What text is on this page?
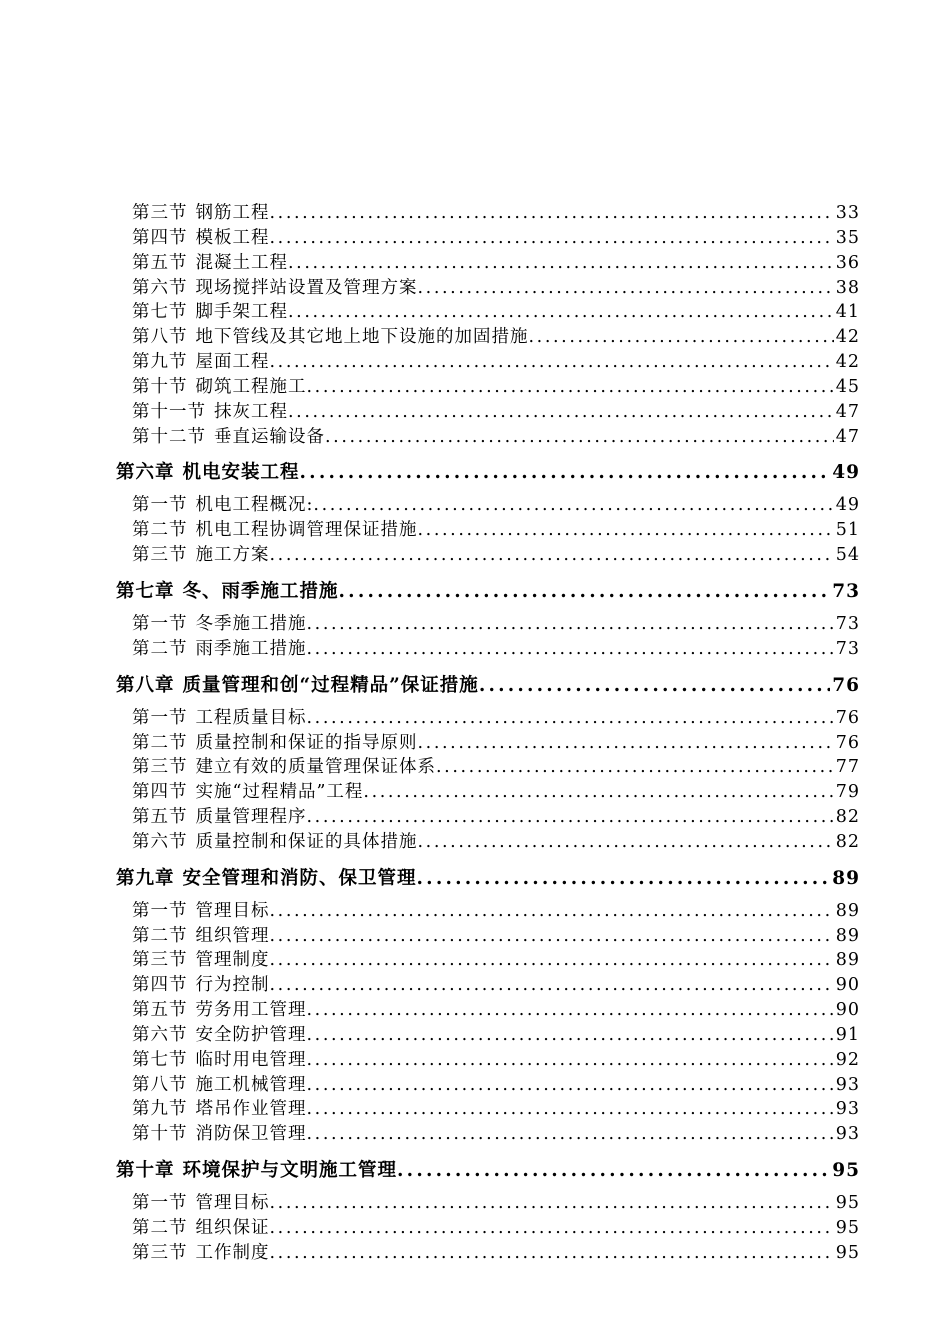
第三节 钢筋工程 .....	33
第四节 模板工程 .....	35
第五节 混凝土工程 .....	36
第六节 现场搅拌站设置及管理方案 .....	38
第七节 脚手架工程 .....	41
第八节 地下管线及其它地上地下设施的加固措施 .....	42
第九节 屋面工程 .....	42
第十节 砌筑工程施工 .....	45
第十一节 抹灰工程 .....	47
第十二节 垂直运输设备 .....	47
第六章 机电安装工程 .....	49
第一节 机电工程概况: .....	49
第二节 机电工程协调管理保证措施 .....	51
第三节 施工方案 .....	54
第七章 冬、雨季施工措施 .....	73
第一节 冬季施工措施 .....	73
第二节 雨季施工措施 .....	73
第八章 质量管理和创“过程精品”保证措施 .....	76
第一节 工程质量目标 .....	76
第二节 质量控制和保证的指导原则 .....	76
第三节 建立有效的质量管理保证体系 .....	77
第四节 实施“过程精品”工程 .....	79
第五节 质量管理程序 .....	82
第六节 质量控制和保证的具体措施 .....	82
第九章 安全管理和消防、保卫管理 .....	89
第一节 管理目标 .....	89
第二节 组织管理 .....	89
第三节 管理制度 .....	89
第四节 行为控制 .....	90
第五节 劳务用工管理 .....	90
第六节 安全防护管理 .....	91
第七节 临时用电管理 .....	92
第八节 施工机械管理 .....	93
第九节 塔吊作业管理 .....	93
第十节 消防保卫管理 .....	93
第十章 环境保护与文明施工管理 .....	95
第一节 管理目标 .....	95
第二节 组织保证 .....	95
第三节 工作制度 .....	95
